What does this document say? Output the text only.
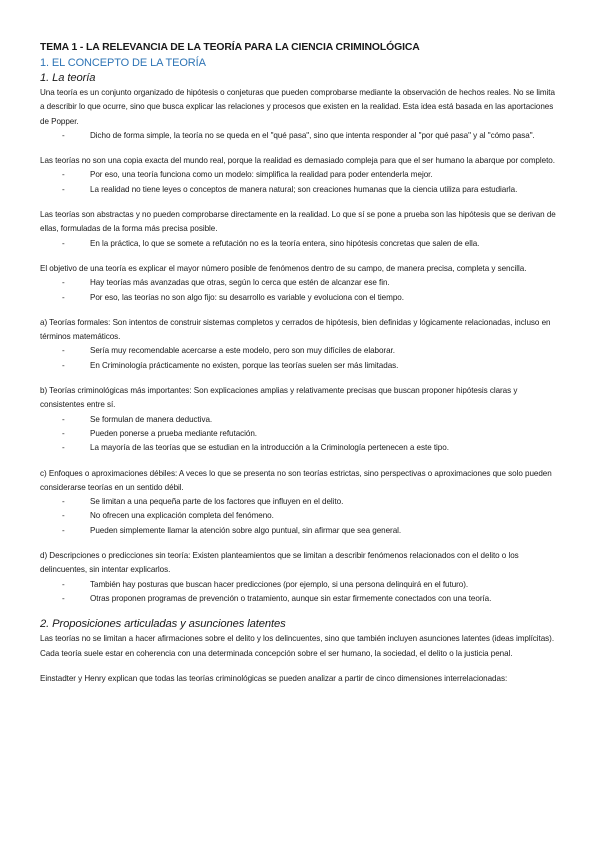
TEMA 1 - LA RELEVANCIA DE LA TEORÍA PARA LA CIENCIA CRIMINOLÓGICA
1. EL CONCEPTO DE LA TEORÍA
1. La teoría

Una teoría es un conjunto organizado de hipótesis o conjeturas que pueden comprobarse mediante la observación de hechos reales. No se limita a describir lo que ocurre, sino que busca explicar las relaciones y procesos que existen en la realidad. Esta idea está basada en las aportaciones de Popper.

-	Dicho de forma simple, la teoría no se queda en el "qué pasa", sino que intenta responder al "por qué pasa" y al "cómo pasa".

Las teorías no son una copia exacta del mundo real, porque la realidad es demasiado compleja para que el ser humano la abarque por completo.

-	Por eso, una teoría funciona como un modelo: simplifica la realidad para poder entenderla mejor.
-	La realidad no tiene leyes o conceptos de manera natural; son creaciones humanas que la ciencia utiliza para estudiarla.

Las teorías son abstractas y no pueden comprobarse directamente en la realidad. Lo que sí se pone a prueba son las hipótesis que se derivan de ellas, formuladas de la forma más precisa posible.

-	En la práctica, lo que se somete a refutación no es la teoría entera, sino hipótesis concretas que salen de ella.

El objetivo de una teoría es explicar el mayor número posible de fenómenos dentro de su campo, de manera precisa, completa y sencilla.

-	Hay teorías más avanzadas que otras, según lo cerca que estén de alcanzar ese fin.
-	Por eso, las teorías no son algo fijo: su desarrollo es variable y evoluciona con el tiempo.

a) Teorías formales: Son intentos de construir sistemas completos y cerrados de hipótesis, bien definidas y lógicamente relacionadas, incluso en términos matemáticos.

-	Sería muy recomendable acercarse a este modelo, pero son muy difíciles de elaborar.
-	En Criminología prácticamente no existen, porque las teorías suelen ser más limitadas.

b) Teorías criminológicas más importantes: Son explicaciones amplias y relativamente precisas que buscan proponer hipótesis claras y consistentes entre sí.

-	Se formulan de manera deductiva.
-	Pueden ponerse a prueba mediante refutación.
-	La mayoría de las teorías que se estudian en la introducción a la Criminología pertenecen a este tipo.

c) Enfoques o aproximaciones débiles: A veces lo que se presenta no son teorías estrictas, sino perspectivas o aproximaciones que solo pueden considerarse teorías en un sentido débil.

-	Se limitan a una pequeña parte de los factores que influyen en el delito.
-	No ofrecen una explicación completa del fenómeno.
-	Pueden simplemente llamar la atención sobre algo puntual, sin afirmar que sea general.

d) Descripciones o predicciones sin teoría: Existen planteamientos que se limitan a describir fenómenos relacionados con el delito o los delincuentes, sin intentar explicarlos.

-	También hay posturas que buscan hacer predicciones (por ejemplo, si una persona delinquirá en el futuro).
-	Otras proponen programas de prevención o tratamiento, aunque sin estar firmemente conectados con una teoría.
2. Proposiciones articuladas y asunciones latentes

Las teorías no se limitan a hacer afirmaciones sobre el delito y los delincuentes, sino que también incluyen asunciones latentes (ideas implícitas). Cada teoría suele estar en coherencia con una determinada concepción sobre el ser humano, la sociedad, el delito o la justicia penal.

Einstadter y Henry explican que todas las teorías criminológicas se pueden analizar a partir de cinco dimensiones interrelacionadas:
